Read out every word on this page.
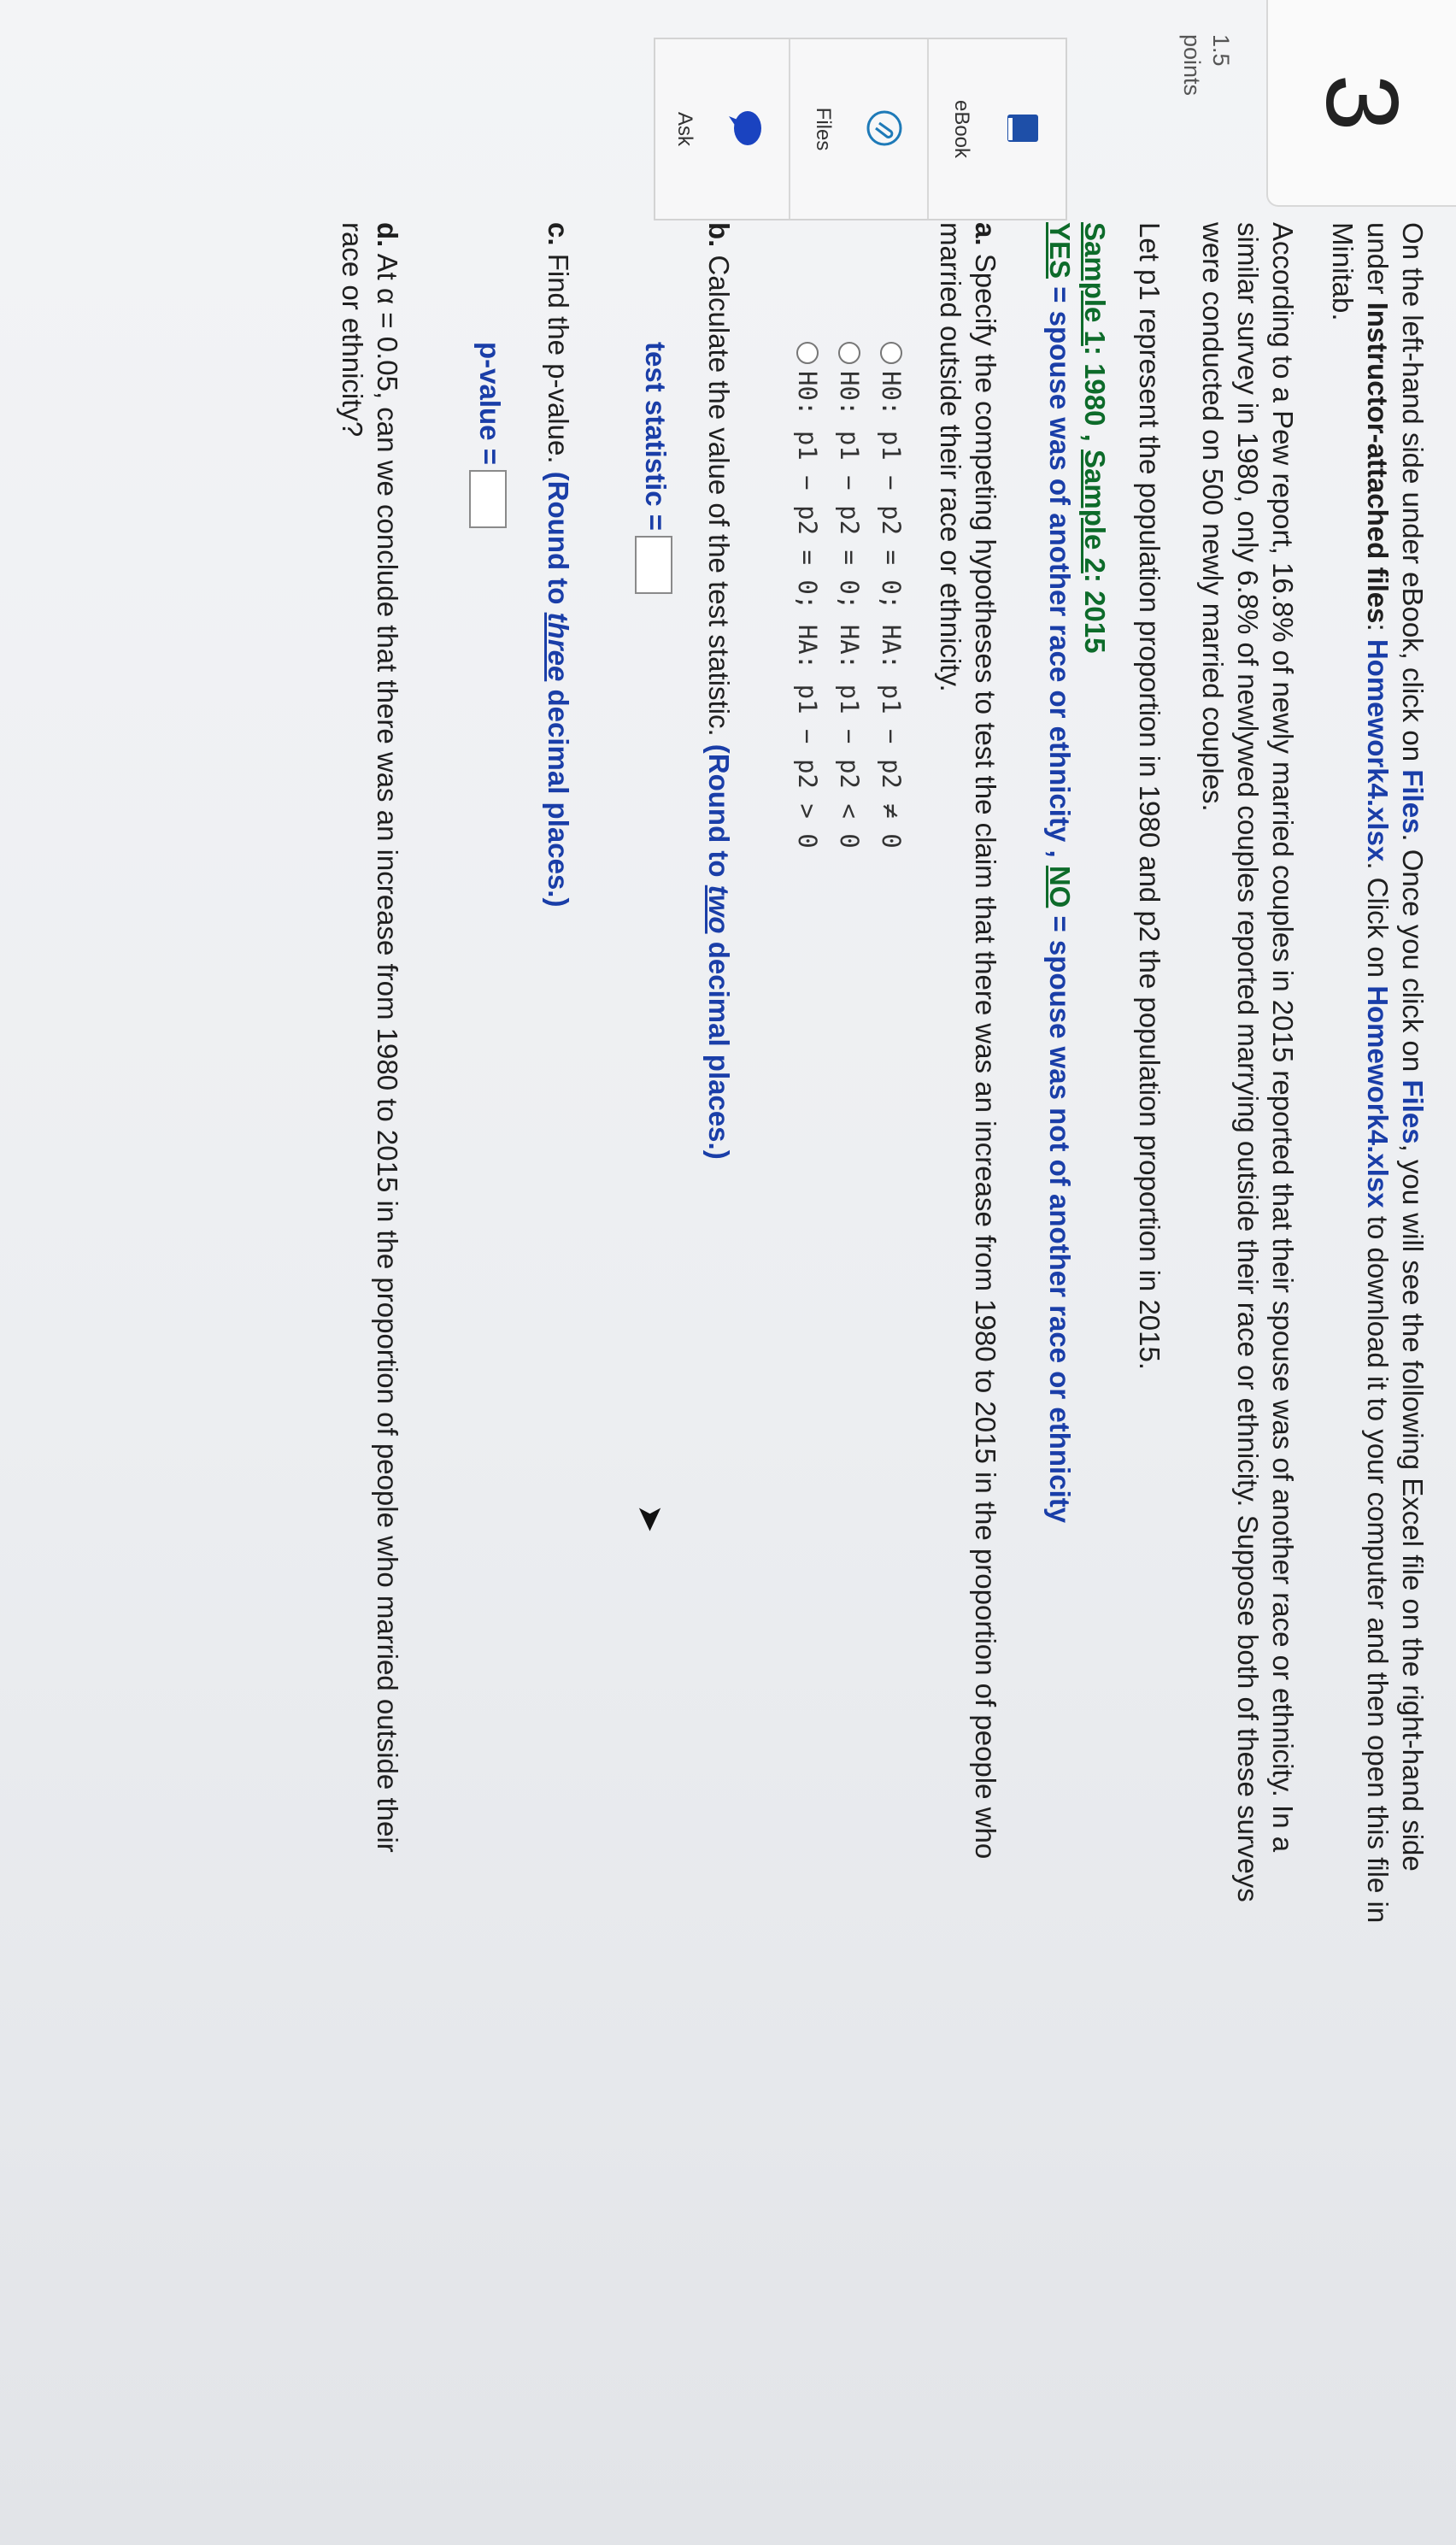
3
1.5
points
eBook
Files
Ask
On the left-hand side under eBook, click on Files. Once you click on Files, you will see the following Excel file on the right-hand side
under Instructor-attached files: Homework4.xlsx. Click on Homework4.xlsx to download it to your computer and then open this file in
Minitab.
According to a Pew report, 16.8% of newly married couples in 2015 reported that their spouse was of another race or ethnicity. In a
similar survey in 1980, only 6.8% of newlywed couples reported marrying outside their race or ethnicity. Suppose both of these surveys
were conducted on 500 newly married couples.
Let p1 represent the population proportion in 1980 and p2 the population proportion in 2015.
Sample 1: 1980 , Sample 2: 2015
YES = spouse was of another race or ethnicity , NO = spouse was not of another race or ethnicity
a. Specify the competing hypotheses to test the claim that there was an increase from 1980 to 2015 in the proportion of people who
married outside their race or ethnicity.
H0: p1 − p2 = 0; HA: p1 − p2 ≠ 0
H0: p1 − p2 = 0; HA: p1 − p2 < 0
H0: p1 − p2 = 0; HA: p1 − p2 > 0
b. Calculate the value of the test statistic. (Round to two decimal places.)
test statistic =
➤
c. Find the p-value. (Round to three decimal places.)
p-value =
d. At α = 0.05, can we conclude that there was an increase from 1980 to 2015 in the proportion of people who married outside their
race or ethnicity?
